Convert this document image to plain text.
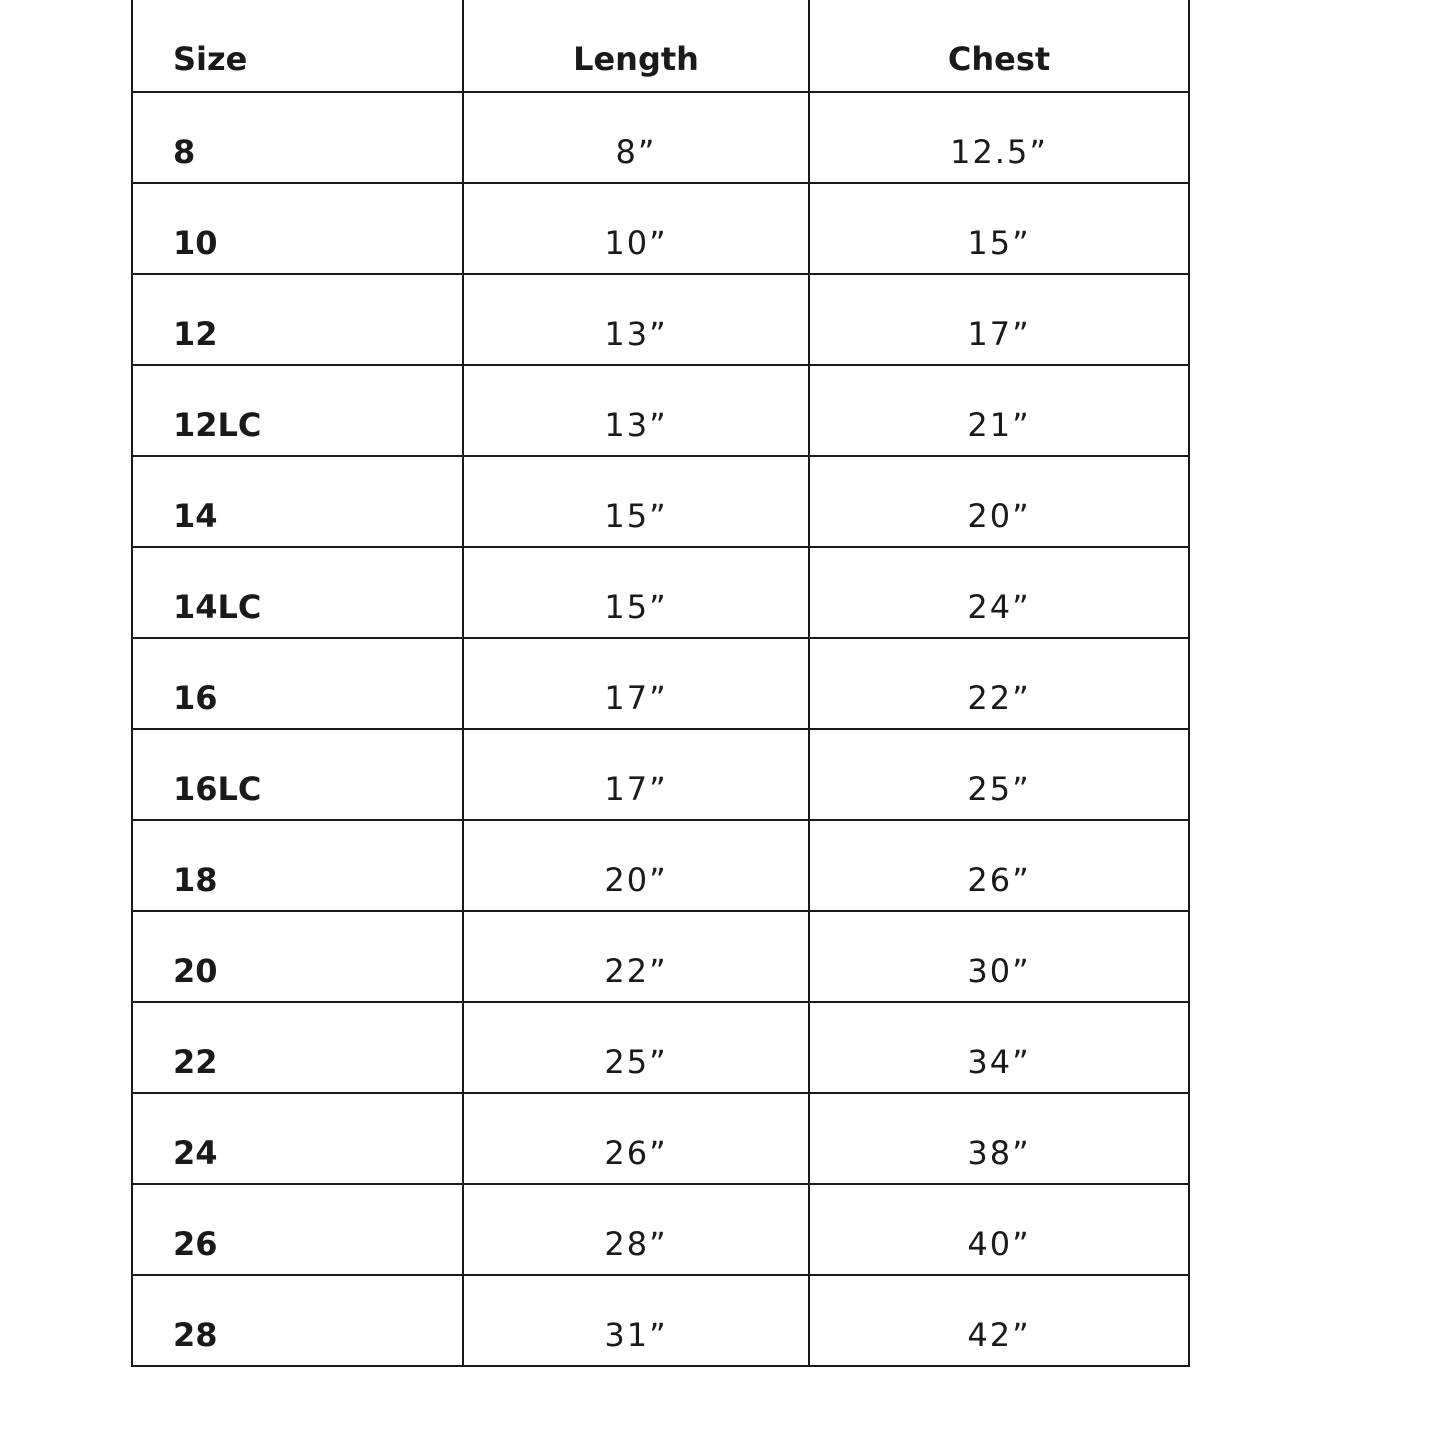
Size	Length	Chest
8	8”	12.5”
10	10”	15”
12	13”	17”
12LC	13”	21”
14	15”	20”
14LC	15”	24”
16	17”	22”
16LC	17”	25”
18	20”	26”
20	22”	30”
22	25”	34”
24	26”	38”
26	28”	40”
28	31”	42”
